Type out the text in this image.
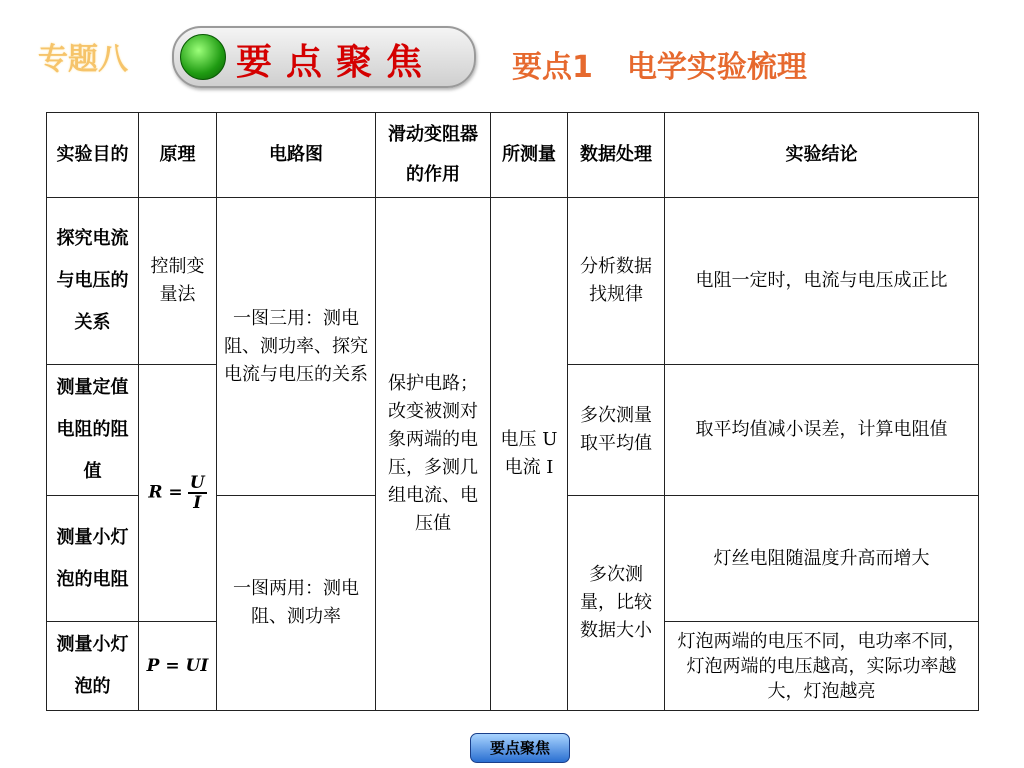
专题八	要点聚焦	要点1 电学实验梳理
实验目的	原理	电路图	滑动变阻器的作用	所测量	数据处理	实验结论
探究电流与电压的关系	控制变量法	一图三用：测电阻、测功率、探究电流与电压的关系	保护电路；改变被测对象两端的电压，多测几组电流、电压值	电压 U 电流 I	分析数据找规律	电阻一定时，电流与电压成正比
测量定值电阻的阻值	$R = \frac{U}{I}$				多次测量取平均值	取平均值减小误差，计算电阻值
测量小灯泡的电阻		一图两用：测电阻、测功率			多次测量，比较数据大小	灯丝电阻随温度升高而增大
测量小灯泡的	P = UI					灯泡两端的电压不同，电功率不同，灯泡两端的电压越高，实际功率越大，灯泡越亮
要点聚焦
